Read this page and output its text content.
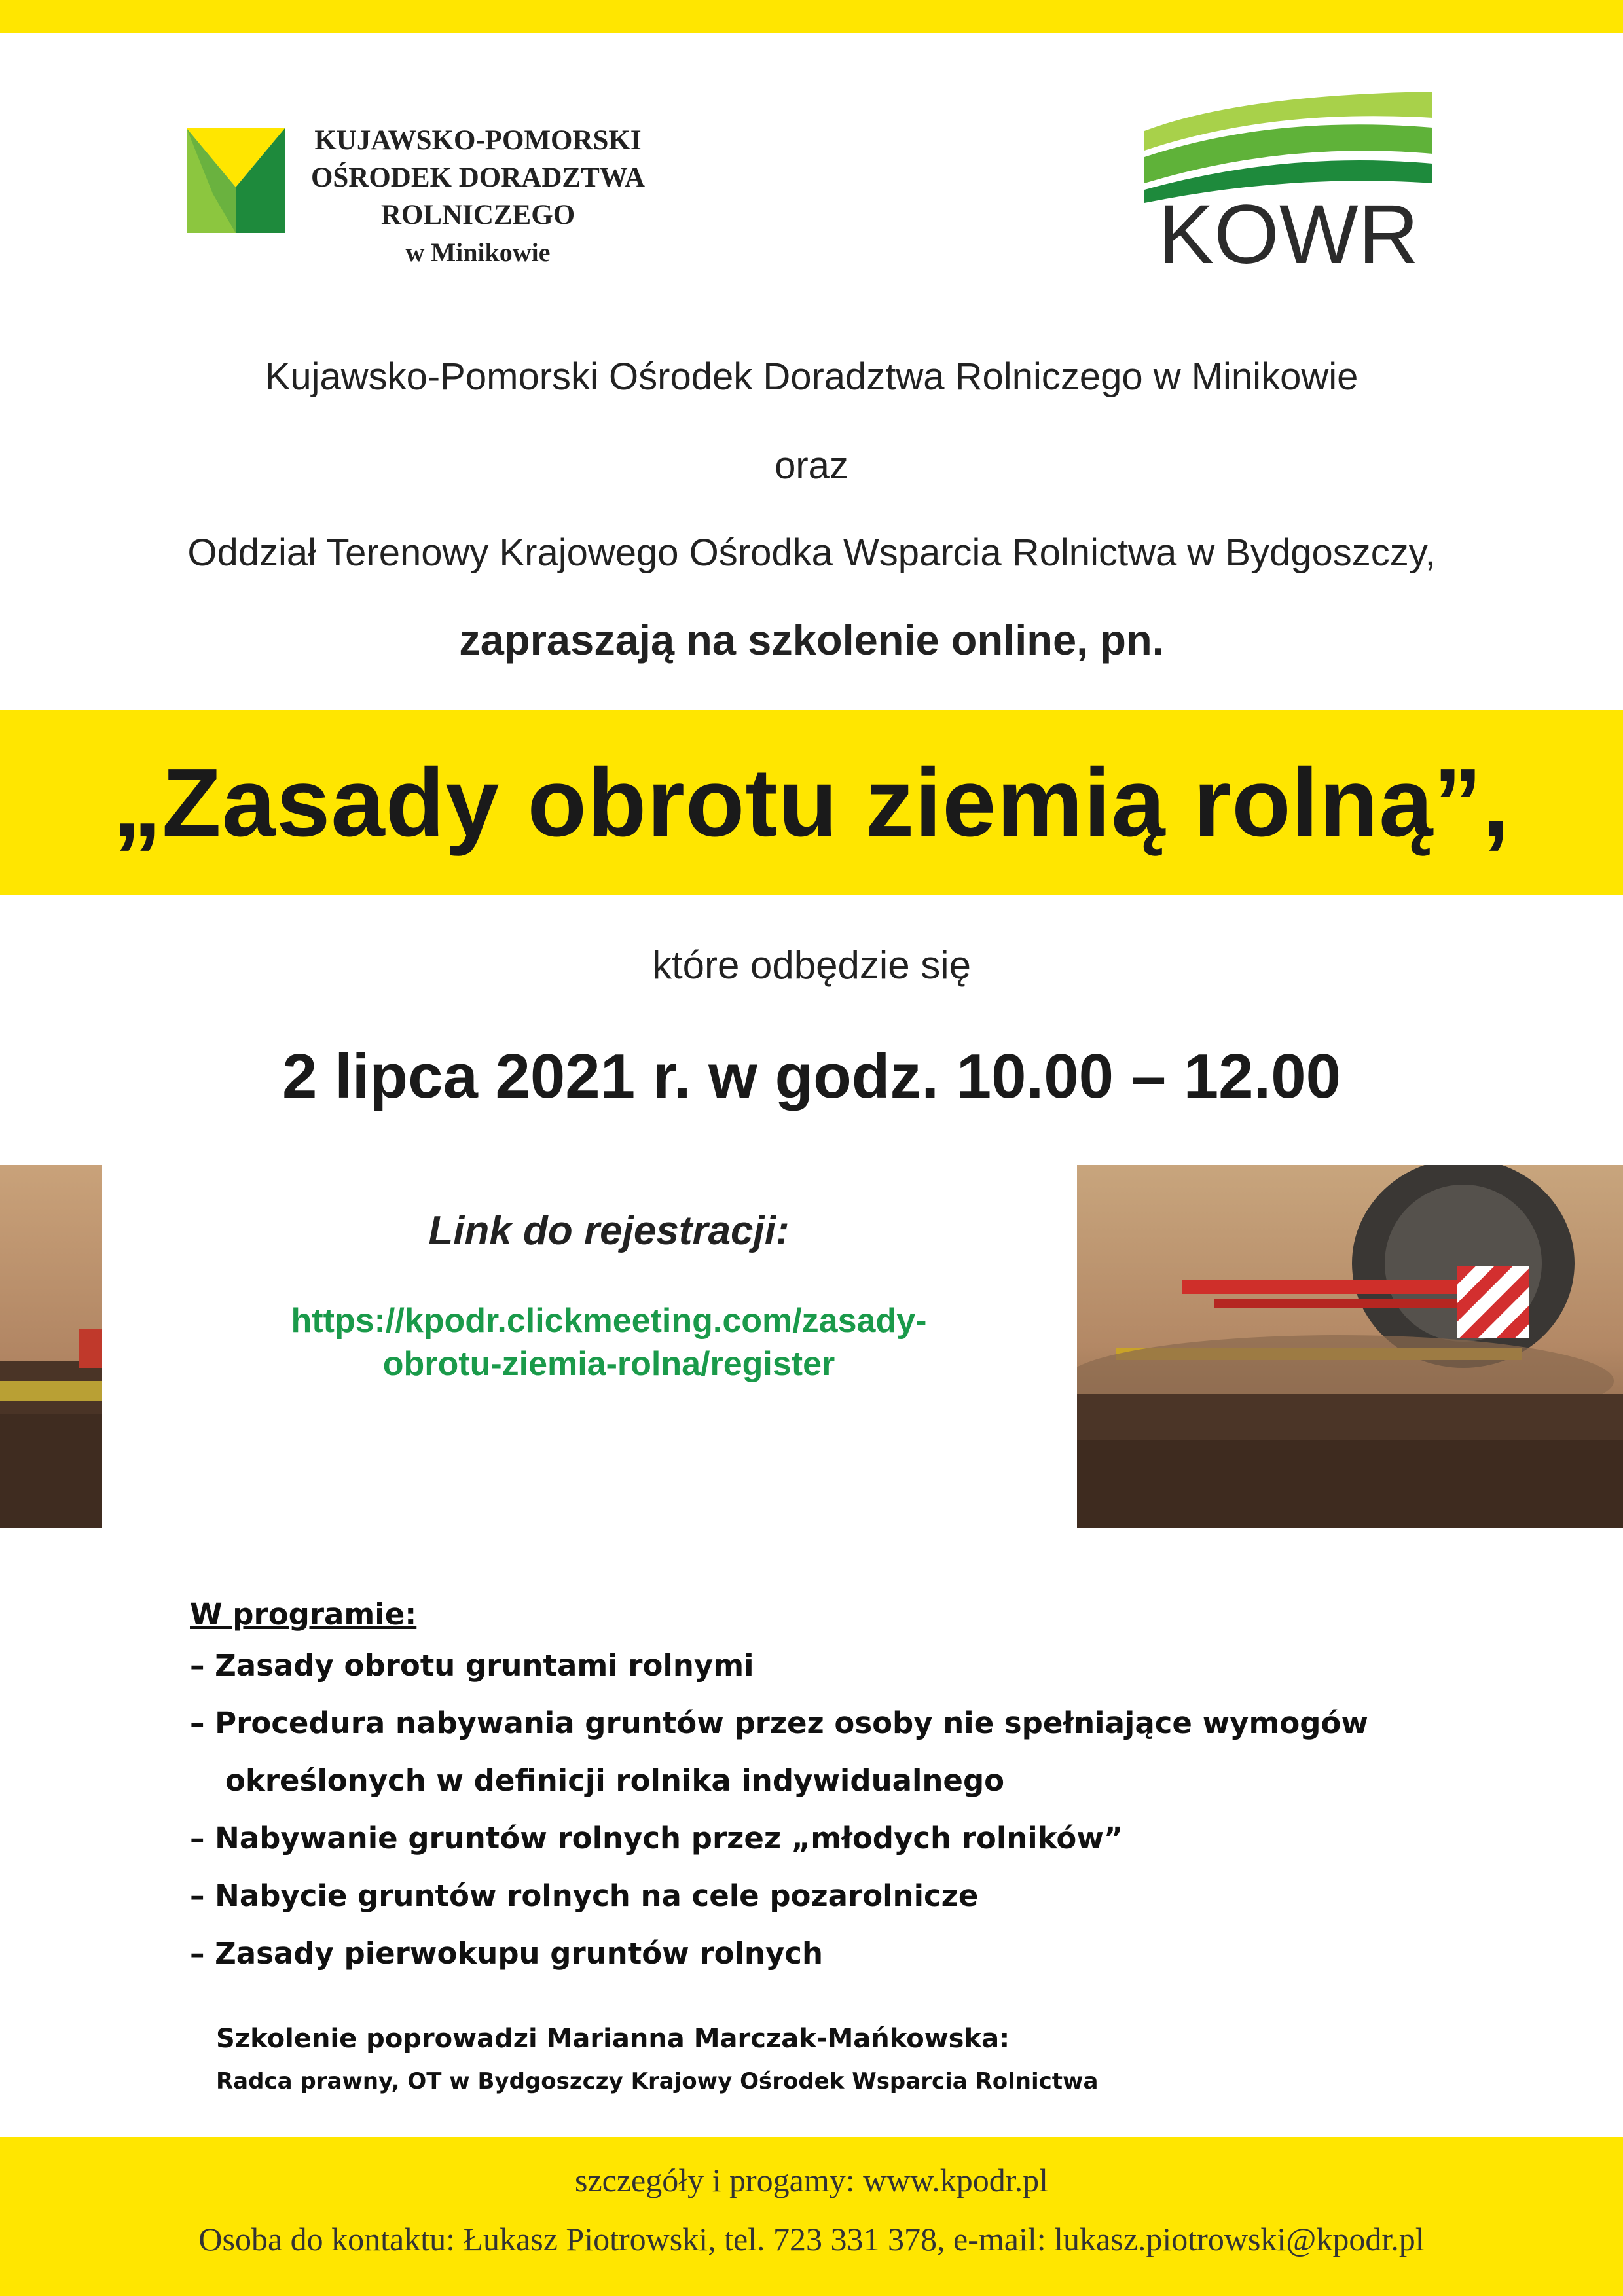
KUJAWSKO-POMORSKI
OŚRODEK DORADZTWA ROLNICZEGO
w Minikowie	KOWR
Kujawsko-Pomorski Ośrodek Doradztwa Rolniczego w Minikowie
oraz
Oddział Terenowy Krajowego Ośrodka Wsparcia Rolnictwa w Bydgoszczy,
zapraszają na szkolenie online, pn.
„Zasady obrotu ziemią rolną”,
które odbędzie się
2 lipca 2021 r. w godz. 10.00 – 12.00
Link do rejestracji:
https://kpodr.clickmeeting.com/zasady-
obrotu-ziemia-rolna/register
W programie:
– Zasady obrotu gruntami rolnymi
– Procedura nabywania gruntów przez osoby nie spełniające wymogów
określonych w definicji rolnika indywidualnego
– Nabywanie gruntów rolnych przez „młodych rolników”
– Nabycie gruntów rolnych na cele pozarolnicze
– Zasady pierwokupu gruntów rolnych
Szkolenie poprowadzi Marianna Marczak-Mańkowska:
Radca prawny, OT w Bydgoszczy Krajowy Ośrodek Wsparcia Rolnictwa
szczegóły i progamy: www.kpodr.pl
Osoba do kontaktu: Łukasz Piotrowski, tel. 723 331 378, e-mail: lukasz.piotrowski@kpodr.pl
